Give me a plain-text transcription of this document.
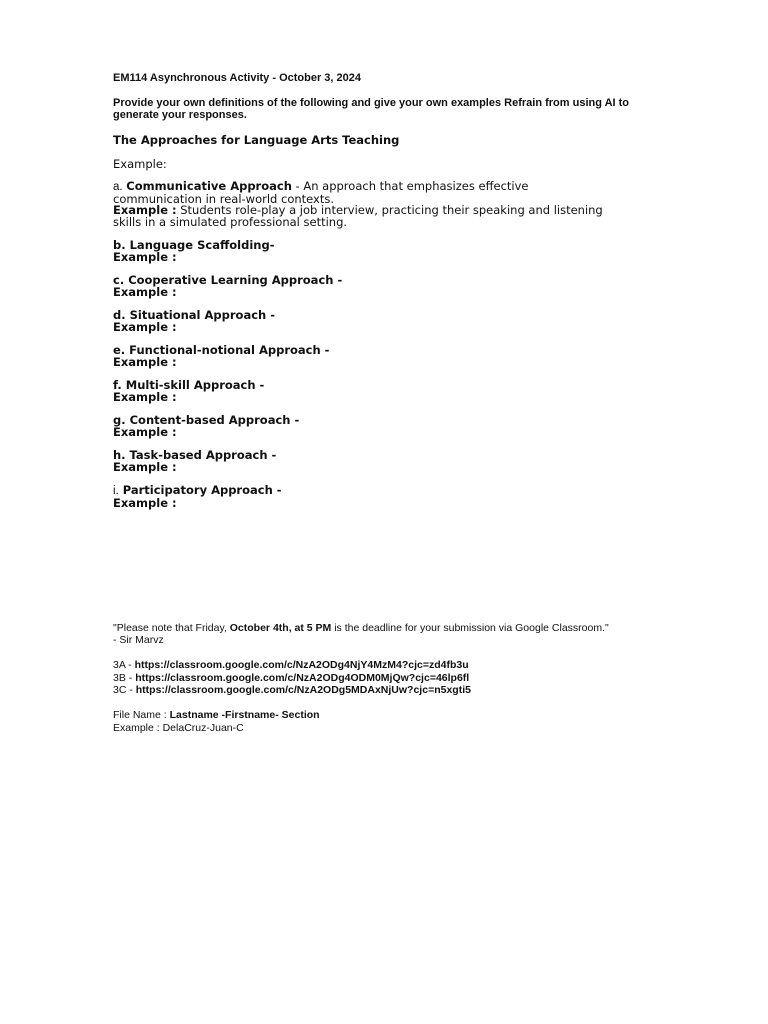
EM114 Asynchronous Activity - October 3, 2024
Provide your own definitions of the following and give your own examples Refrain from using AI to
generate your responses.
The Approaches for Language Arts Teaching
Example:
a. Communicative Approach - An approach that emphasizes effective
communication in real-world contexts.
Example : Students role-play a job interview, practicing their speaking and listening
skills in a simulated professional setting.
b. Language Scaffolding-
Example :
c. Cooperative Learning Approach -
Example :
d. Situational Approach -
Example :
e. Functional-notional Approach -
Example :
f. Multi-skill Approach -
Example :
g. Content-based Approach -
Example :
h. Task-based Approach -
Example :
i. Participatory Approach -
Example :
"Please note that Friday, October 4th, at 5 PM is the deadline for your submission via Google Classroom."
- Sir Marvz
3A - https://classroom.google.com/c/NzA2ODg4NjY4MzM4?cjc=zd4fb3u
3B - https://classroom.google.com/c/NzA2ODg4ODM0MjQw?cjc=46lp6fl
3C - https://classroom.google.com/c/NzA2ODg5MDAxNjUw?cjc=n5xgti5
File Name : Lastname -Firstname- Section
Example : DelaCruz-Juan-C
